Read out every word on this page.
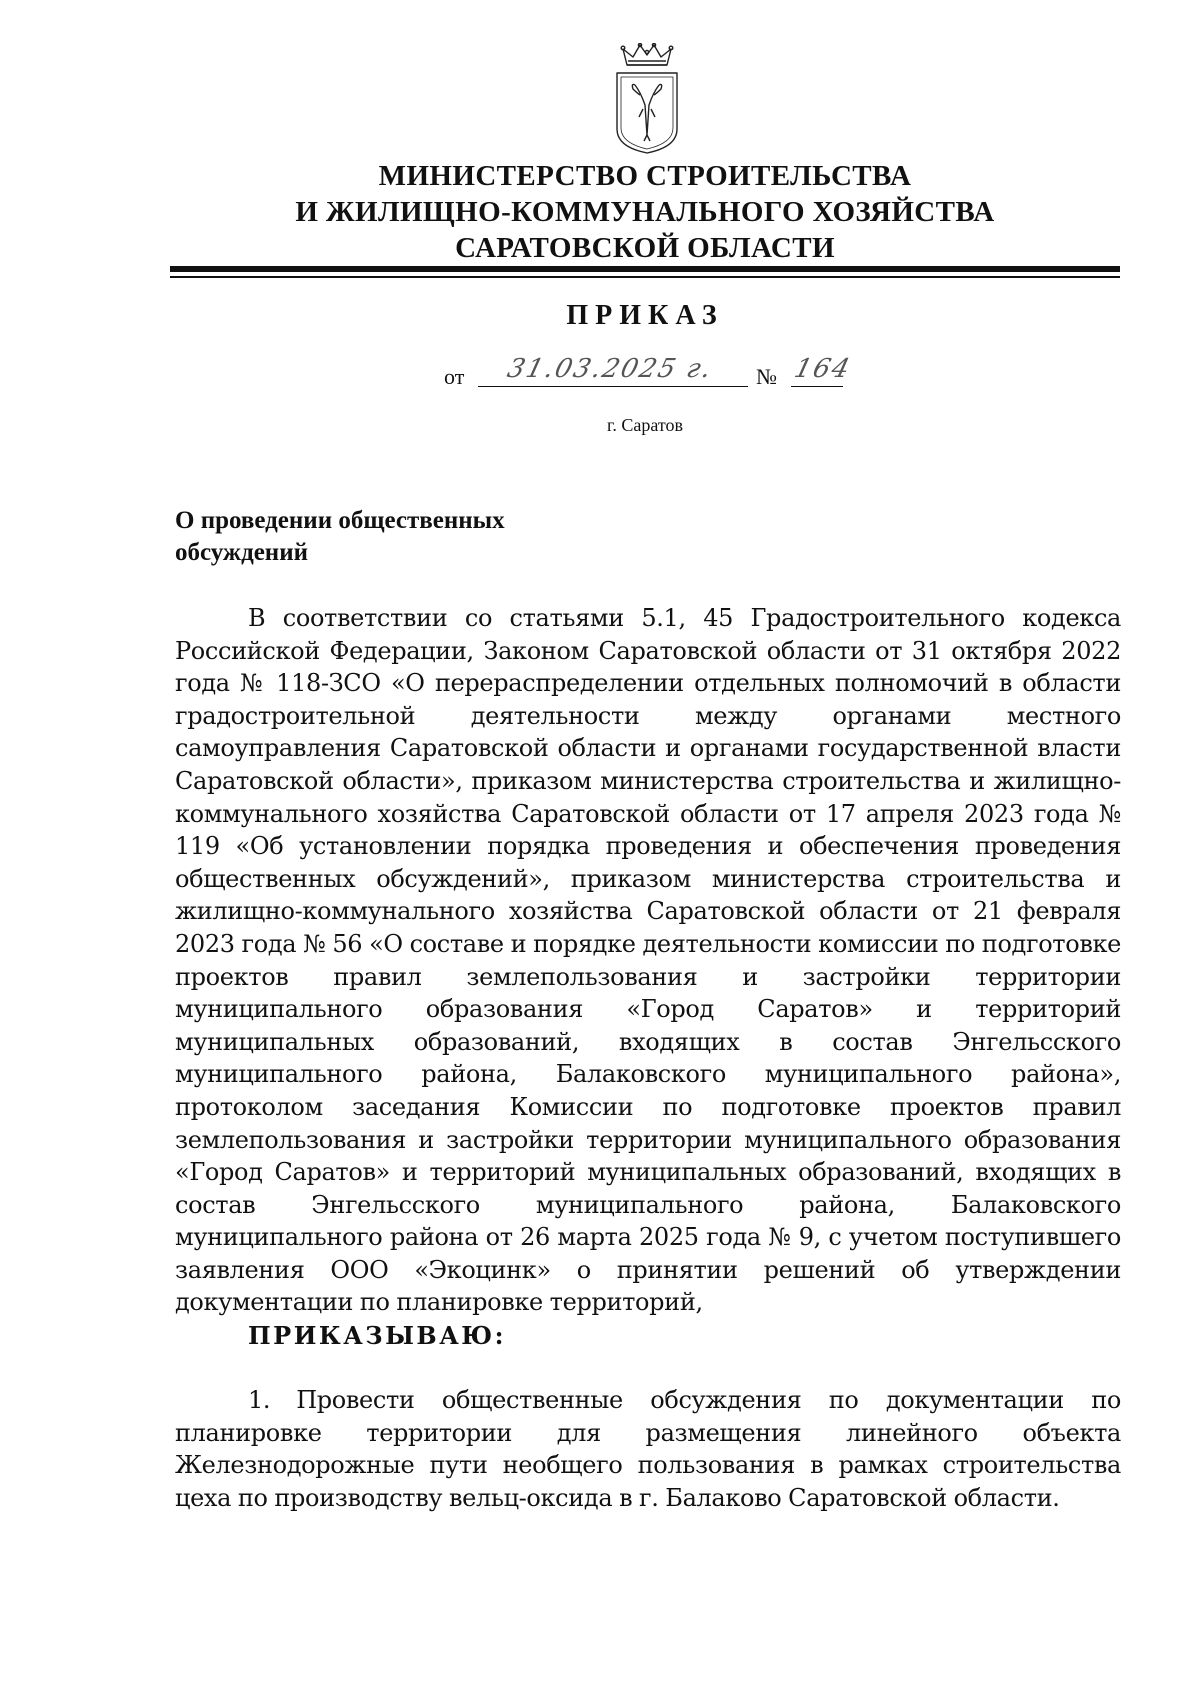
МИНИСТЕРСТВО СТРОИТЕЛЬСТВА
И ЖИЛИЩНО-КОММУНАЛЬНОГО ХОЗЯЙСТВА
САРАТОВСКОЙ ОБЛАСТИ
ПРИКАЗ
от 31.03.2025 г. № 164
г. Саратов
О проведении общественных
обсуждений
В соответствии со статьями 5.1, 45 Градостроительного кодекса Российской Федерации, Законом Саратовской области от 31 октября 2022 года № 118-ЗСО «О перераспределении отдельных полномочий в области градостроительной деятельности между органами местного самоуправления Саратовской области и органами государственной власти Саратовской области», приказом министерства строительства и жилищно-коммунального хозяйства Саратовской области от 17 апреля 2023 года № 119 «Об установлении порядка проведения и обеспечения проведения общественных обсуждений», приказом министерства строительства и жилищно-коммунального хозяйства Саратовской области от 21 февраля 2023 года № 56 «О составе и порядке деятельности комиссии по подготовке проектов правил землепользования и застройки территории муниципального образования «Город Саратов» и территорий муниципальных образований, входящих в состав Энгельсского муниципального района, Балаковского муниципального района», протоколом заседания Комиссии по подготовке проектов правил землепользования и застройки территории муниципального образования «Город Саратов» и территорий муниципальных образований, входящих в состав Энгельсского муниципального района, Балаковского муниципального района от 26 марта 2025 года № 9, с учетом поступившего заявления ООО «Экоцинк» о принятии решений об утверждении документации по планировке территорий,
ПРИКАЗЫВАЮ:
1. Провести общественные обсуждения по документации по планировке территории для размещения линейного объекта Железнодорожные пути необщего пользования в рамках строительства цеха по производству вельц-оксида в г. Балаково Саратовской области.
